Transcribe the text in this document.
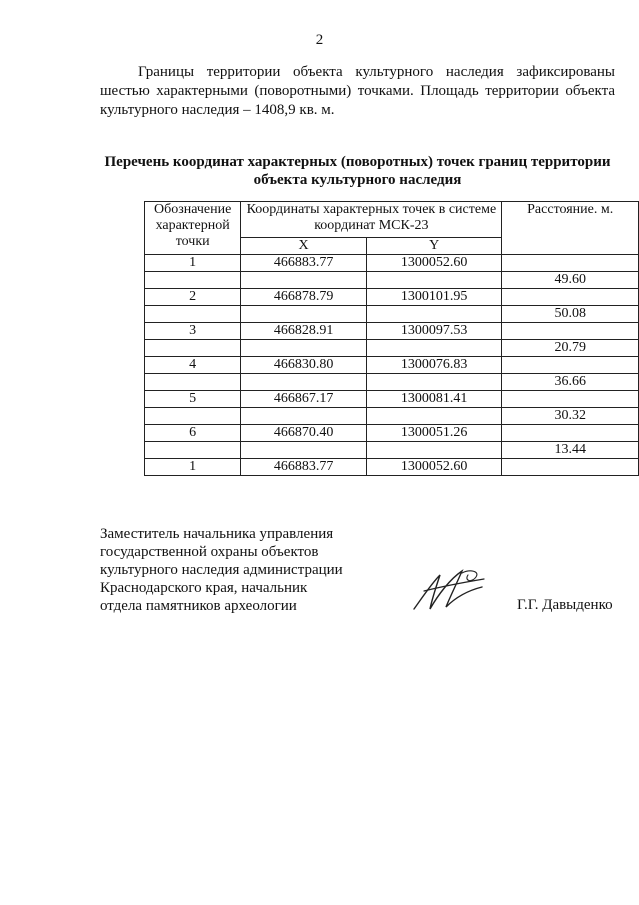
2

Границы территории объекта культурного наследия зафиксированы шестью характерными (поворотными) точками. Площадь территории объекта культурного наследия – 1408,9 кв. м.

Перечень координат характерных (поворотных) точек границ территории объекта культурного наследия

Обозначение характерной точки	Координаты характерных точек в системе координат МСК-23		Расстояние. м.
	X	Y	
1	466883.77	1300052.60	
			49.60
2	466878.79	1300101.95	
			50.08
3	466828.91	1300097.53	
			20.79
4	466830.80	1300076.83	
			36.66
5	466867.17	1300081.41	
			30.32
6	466870.40	1300051.26	
			13.44
1	466883.77	1300052.60	
Заместитель начальника управления
государственной охраны объектов
культурного наследия администрации
Краснодарского края, начальник
отдела памятников археологии	Г.Г. Давыденко
